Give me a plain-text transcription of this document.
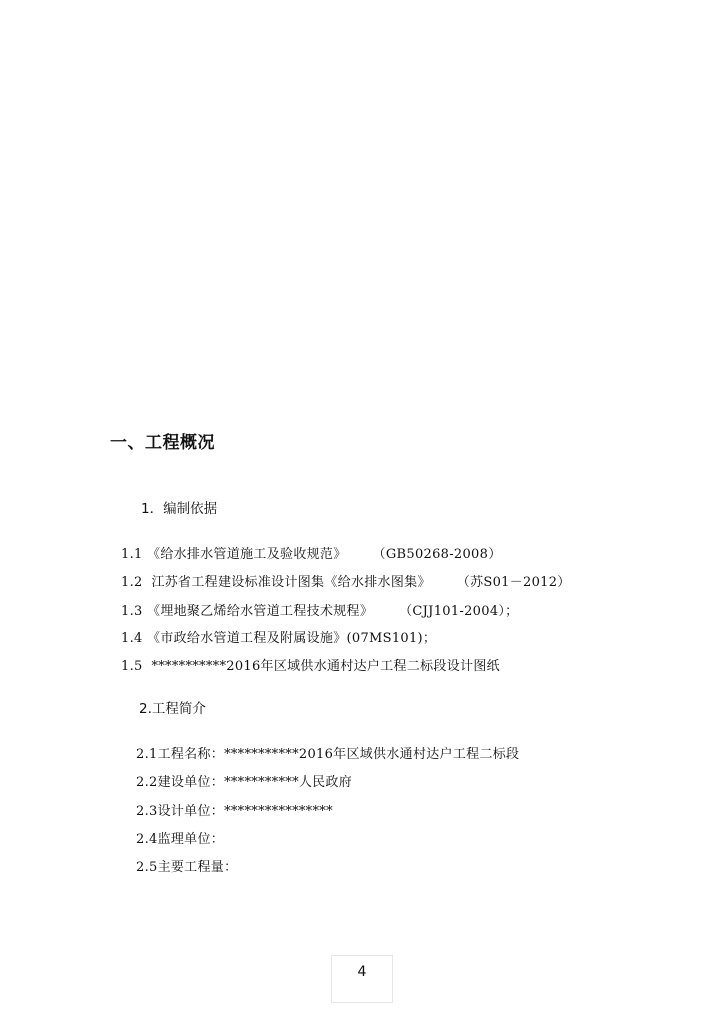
一、工程概况
1．编制依据
1.1 《给水排水管道施工及验收规范》 （GB50268-2008）
1.2 江苏省工程建设标准设计图集《给水排水图集》 （苏S01－2012）
1.3 《埋地聚乙烯给水管道工程技术规程》 （CJJ101-2004）；
1.4 《市政给水管道工程及附属设施》(07MS101)；
1.5 ***********2016年区域供水通村达户工程二标段设计图纸
2.工程简介
2.1工程名称：***********2016年区域供水通村达户工程二标段
2.2建设单位：***********人民政府
2.3设计单位：****************
2.4监理单位：
2.5主要工程量：
4
